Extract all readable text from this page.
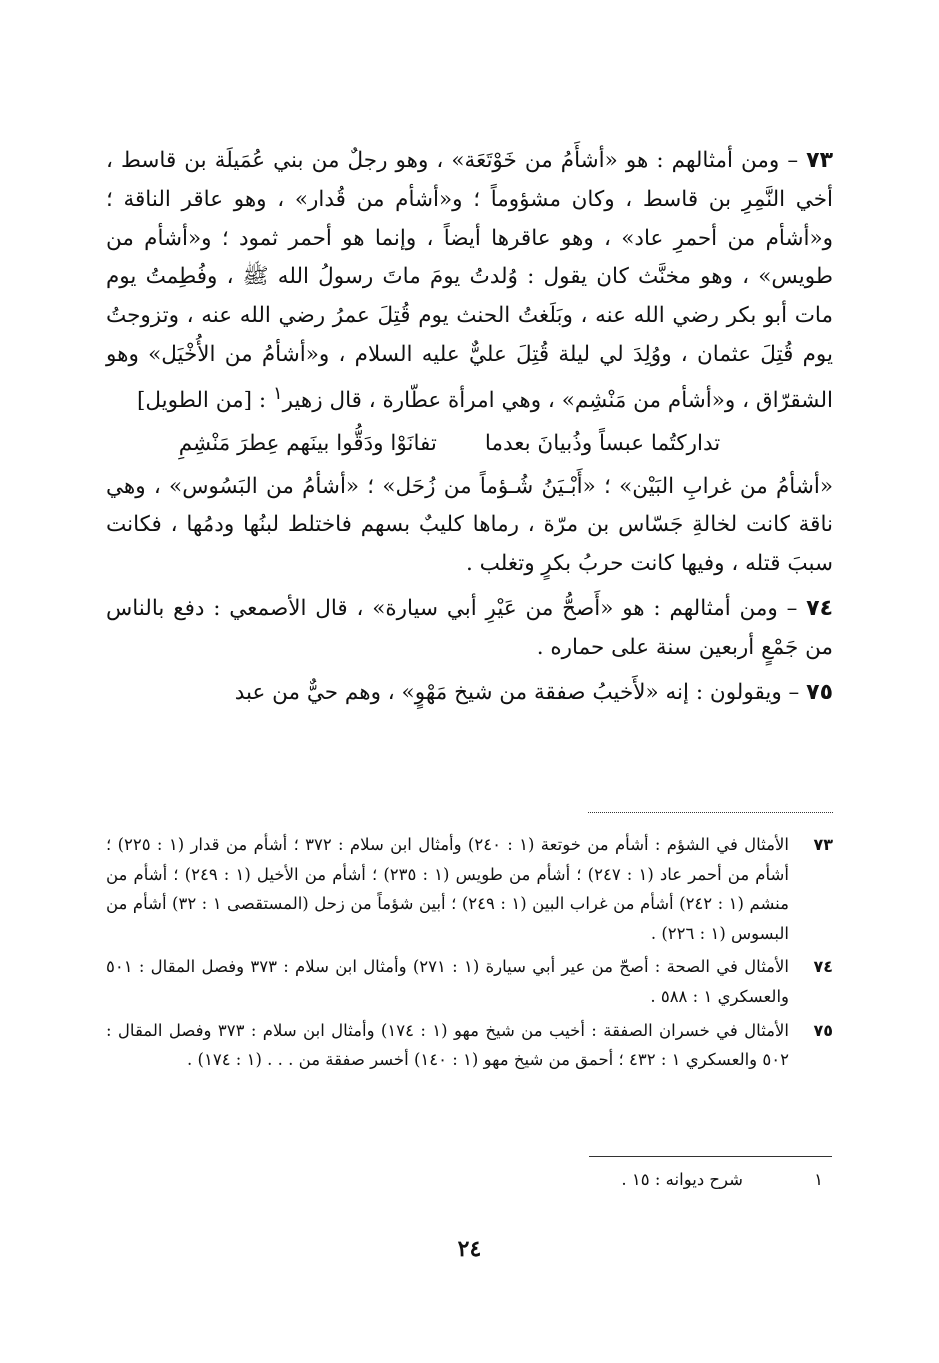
٧٣ – ومن أمثالهم : هو «أشأَمُ من خَوْتَعَة» ، وهو رجلٌ من بني عُمَيلَة بن قاسط ، أخي النَّمِرِ بن قاسط ، وكان مشؤوماً ؛ و«أشأم من قُدار» ، وهو عاقر الناقة ؛ و«أشأم من أحمرِ عاد» ، وهو عاقرها أيضاً ، وإنما هو أحمر ثمود ؛ و«أشأم من طويس» ، وهو مخنَّث كان يقول : وُلدتُ يومَ ماتَ رسولُ الله ﷺ ، وفُطِمتُ يوم مات أبو بكر رضي الله عنه ، وبَلَغتُ الحنث يوم قُتِلَ عمرُ رضي الله عنه ، وتزوجتُ يوم قُتِلَ عثمان ، ووُلِدَ لي ليلة قُتِلَ عليٌّ عليه السلام ، و«أشأمُ من الأُخْيَل» وهو الشقرّاق ، و«أشأم من مَنْشِم» ، وهي امرأة عطّارة ، قال زهير$^١$ : [من الطويل]

تداركتُما عبساً وذُبيانَ بعدما
تفانَوْا ودَقُّوا بينَهم عِطرَ مَنْشِمِ

«أشأمُ من غرابِ البَيْن» ؛ «أَبْـيَنُ شُـؤماً من زُحَل» ؛ «أشأمُ من البَسُوس» ، وهي ناقة كانت لخالةِ جَسّاس بن مرّة ، رماها كليبٌ بسهم فاختلط لبنُها ودمُها ، فكانت سببَ قتله ، وفيها كانت حربُ بكرٍ وتغلب .

٧٤ – ومن أمثالهم : هو «أَصحُّ من عَيْرِ أبي سيارة» ، قال الأصمعي : دفع بالناس من جَمْعٍ أربعين سنة على حماره .

٧٥ – ويقولون : إنه «لأَخيبُ صفقة من شيخ مَهْوٍ» ، وهم حيٌّ من عبد

٧٣
الأمثال في الشؤم : أشأم من خوتعة (١ : ٢٤٠) وأمثال ابن سلام : ٣٧٢ ؛ أشأم من قدار (١ : ٢٢٥) ؛ أشأم من أحمر عاد (١ : ٢٤٧) ؛ أشأم من طويس (١ : ٢٣٥) ؛ أشأم من الأخيل (١ : ٢٤٩) ؛ أشأم من منشم (١ : ٢٤٢) أشأم من غراب البين (١ : ٢٤٩) ؛ أبين شؤماً من زحل (المستقصى ١ : ٣٢) أشأم من البسوس (١ : ٢٢٦) .
٧٤
الأمثال في الصحة : أصحّ من عير أبي سيارة (١ : ٢٧١) وأمثال ابن سلام : ٣٧٣ وفصل المقال : ٥٠١ والعسكري ١ : ٥٨٨ .
٧٥
الأمثال في خسران الصفقة : أخيب من شيخ مهو (١ : ١٧٤) وأمثال ابن سلام : ٣٧٣ وفصل المقال : ٥٠٢ والعسكري ١ : ٤٣٢ ؛ أحمق من شيخ مهو (١ : ١٤٠) أخسر صفقة من . . . (١ : ١٧٤) .
١
شرح ديوانه : ١٥ .
٢٤
